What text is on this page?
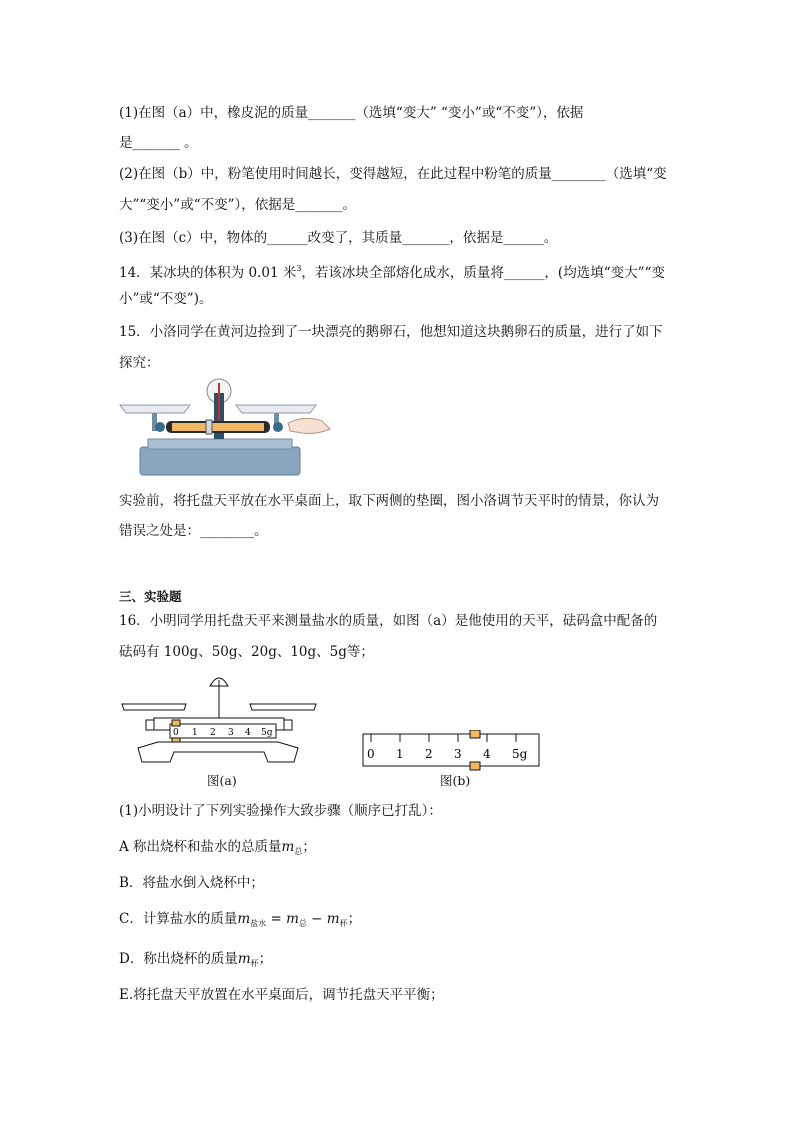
(1)在图（a）中，橡皮泥的质量_______（选填“变大” “变小”或“不变”），依据
是_______ 。
(2)在图（b）中，粉笔使用时间越长，变得越短，在此过程中粉笔的质量________（选填“变
大”“变小”或“不变”），依据是_______。
(3)在图（c）中，物体的______改变了，其质量_______，依据是______。
14．某冰块的体积为 0.01 米$^3$，若该冰块全部熔化成水，质量将______，(均选填“变大”“变
小”或“不变”)。
15．小洛同学在黄河边捡到了一块漂亮的鹅卵石，他想知道这块鹅卵石的质量，进行了如下
探究：
实验前，将托盘天平放在水平桌面上，取下两侧的垫圈，图小洛调节天平时的情景，你认为
错误之处是：________。
三、实验题
16．小明同学用托盘天平来测量盐水的质量，如图（a）是他使用的天平，砝码盒中配备的
砝码有 100g、50g、20g、10g、5g等；
0 1 2 3 4 5g
0 1 2 3 4 5g
图(a)	图(b)
(1)小明设计了下列实验操作大致步骤（顺序已打乱）：
A 称出烧杯和盐水的总质量$m_总$；
B．将盐水倒入烧杯中；
C．计算盐水的质量$m_{盐水} = m_总 - m_杯$；
D．称出烧杯的质量$m_杯$；
E.将托盘天平放置在水平桌面后，调节托盘天平平衡；
